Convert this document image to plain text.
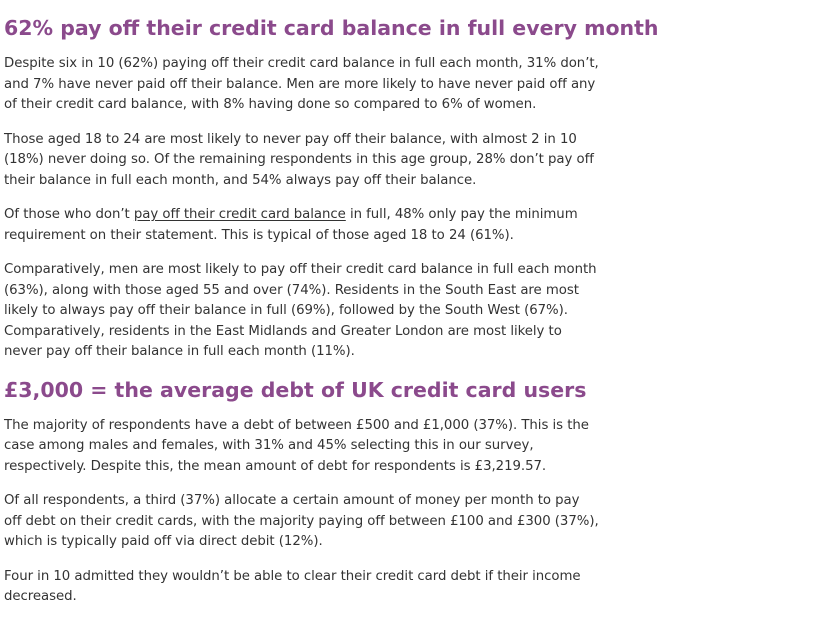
62% pay off their credit card balance in full every month

Despite six in 10 (62%) paying off their credit card balance in full each month, 31% don’t, and 7% have never paid off their balance. Men are more likely to have never paid off any of their credit card balance, with 8% having done so compared to 6% of women.

Those aged 18 to 24 are most likely to never pay off their balance, with almost 2 in 10 (18%) never doing so. Of the remaining respondents in this age group, 28% don’t pay off their balance in full each month, and 54% always pay off their balance.

Of those who don’t pay off their credit card balance in full, 48% only pay the minimum requirement on their statement. This is typical of those aged 18 to 24 (61%).

Comparatively, men are most likely to pay off their credit card balance in full each month (63%), along with those aged 55 and over (74%). Residents in the South East are most likely to always pay off their balance in full (69%), followed by the South West (67%). Comparatively, residents in the East Midlands and Greater London are most likely to never pay off their balance in full each month (11%).

£3,000 = the average debt of UK credit card users

The majority of respondents have a debt of between £500 and £1,000 (37%). This is the case among males and females, with 31% and 45% selecting this in our survey, respectively. Despite this, the mean amount of debt for respondents is £3,219.57.

Of all respondents, a third (37%) allocate a certain amount of money per month to pay off debt on their credit cards, with the majority paying off between £100 and £300 (37%), which is typically paid off via direct debit (12%).

Four in 10 admitted they wouldn’t be able to clear their credit card debt if their income decreased.
